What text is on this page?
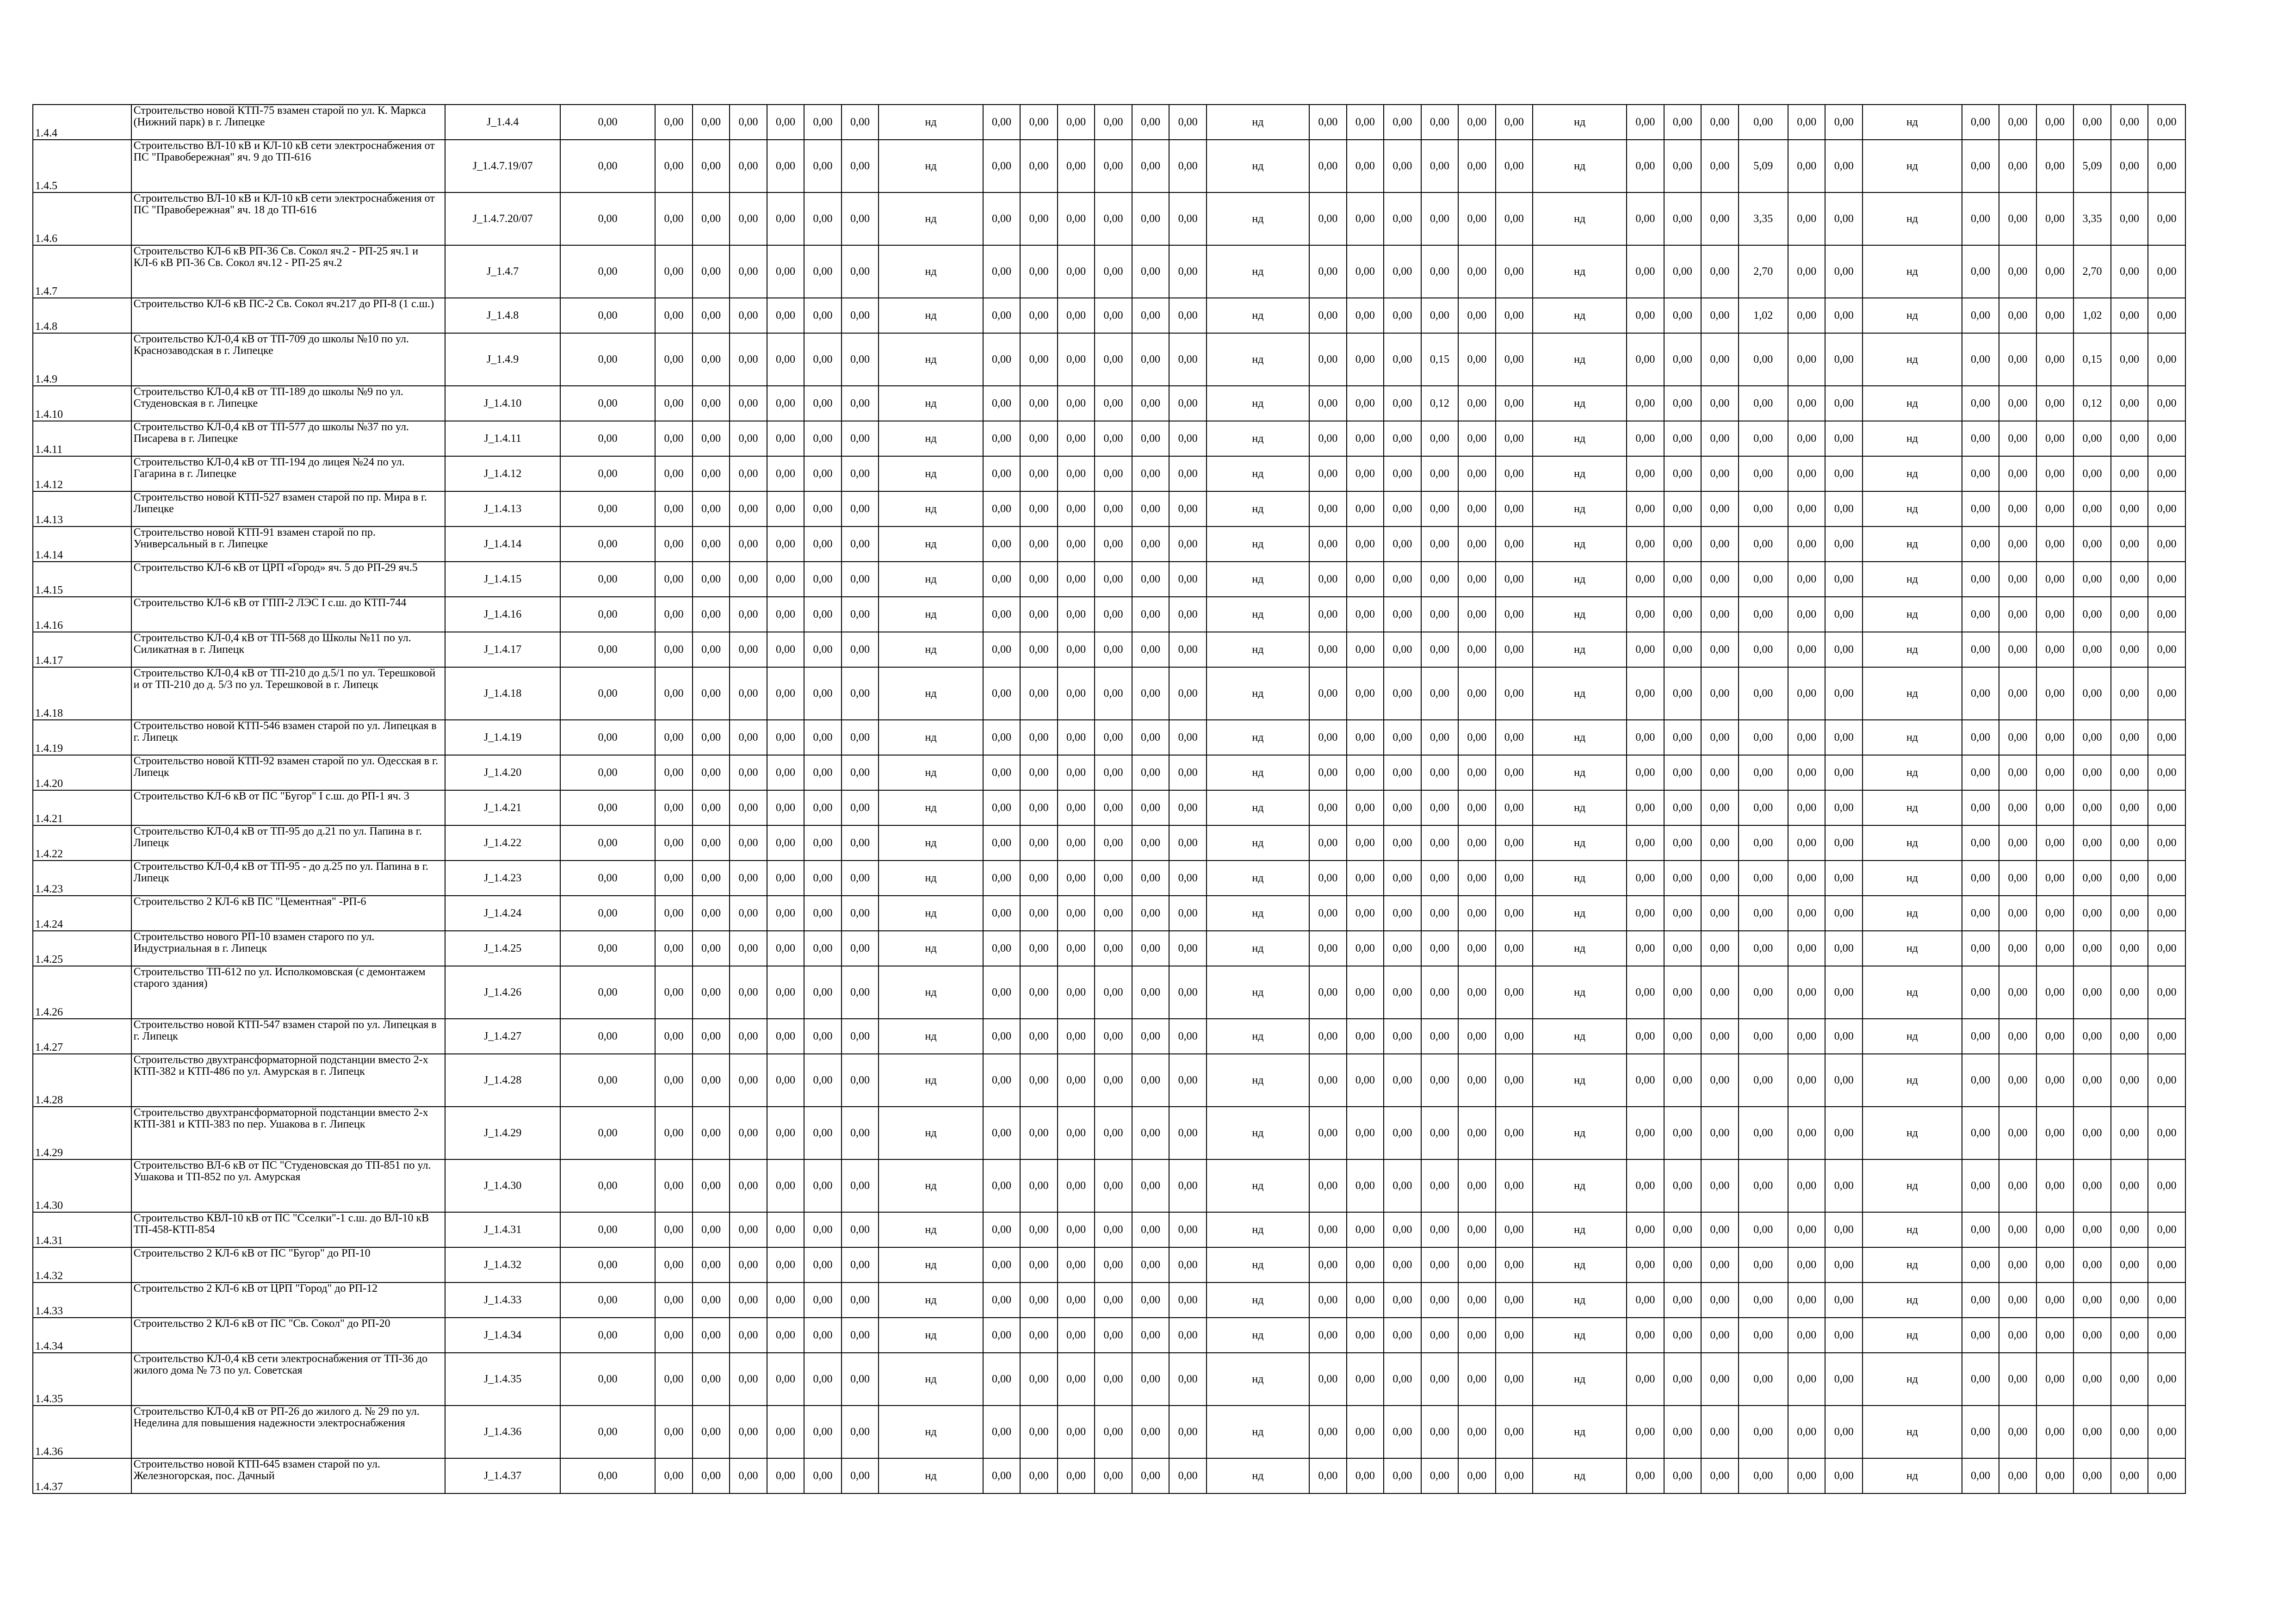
1.4.4	Строительство новой КТП-75 взамен старой по ул. К. Маркса (Нижний парк) в г. Липецке	J_1.4.4	0,00	0,00	0,00	0,00	0,00	0,00	0,00	нд	0,00	0,00	0,00	0,00	0,00	0,00	нд	0,00	0,00	0,00	0,00	0,00	0,00	нд	0,00	0,00	0,00	0,00	0,00	0,00	нд	0,00	0,00	0,00	0,00	0,00	0,00
1.4.5	Строительство ВЛ-10 кВ и КЛ-10 кВ сети электроснабжения от ПС "Правобережная" яч. 9 до ТП-616	J_1.4.7.19/07	0,00	0,00	0,00	0,00	0,00	0,00	0,00	нд	0,00	0,00	0,00	0,00	0,00	0,00	нд	0,00	0,00	0,00	0,00	0,00	0,00	нд	0,00	0,00	0,00	5,09	0,00	0,00	нд	0,00	0,00	0,00	5,09	0,00	0,00
1.4.6	Строительство ВЛ-10 кВ и КЛ-10 кВ сети электроснабжения от ПС "Правобережная" яч. 18 до ТП-616	J_1.4.7.20/07	0,00	0,00	0,00	0,00	0,00	0,00	0,00	нд	0,00	0,00	0,00	0,00	0,00	0,00	нд	0,00	0,00	0,00	0,00	0,00	0,00	нд	0,00	0,00	0,00	3,35	0,00	0,00	нд	0,00	0,00	0,00	3,35	0,00	0,00
1.4.7	Строительство КЛ-6 кВ РП-36 Св. Сокол яч.2 - РП-25 яч.1 и КЛ-6 кВ РП-36 Св. Сокол яч.12 - РП-25 яч.2	J_1.4.7	0,00	0,00	0,00	0,00	0,00	0,00	0,00	нд	0,00	0,00	0,00	0,00	0,00	0,00	нд	0,00	0,00	0,00	0,00	0,00	0,00	нд	0,00	0,00	0,00	2,70	0,00	0,00	нд	0,00	0,00	0,00	2,70	0,00	0,00
1.4.8	Строительство КЛ-6 кВ ПС-2 Св. Сокол яч.217 до РП-8 (1 с.ш.)	J_1.4.8	0,00	0,00	0,00	0,00	0,00	0,00	0,00	нд	0,00	0,00	0,00	0,00	0,00	0,00	нд	0,00	0,00	0,00	0,00	0,00	0,00	нд	0,00	0,00	0,00	1,02	0,00	0,00	нд	0,00	0,00	0,00	1,02	0,00	0,00
1.4.9	Строительство КЛ-0,4 кВ от ТП-709 до школы №10 по ул. Краснозаводская в г. Липецке	J_1.4.9	0,00	0,00	0,00	0,00	0,00	0,00	0,00	нд	0,00	0,00	0,00	0,00	0,00	0,00	нд	0,00	0,00	0,00	0,15	0,00	0,00	нд	0,00	0,00	0,00	0,00	0,00	0,00	нд	0,00	0,00	0,00	0,15	0,00	0,00
1.4.10	Строительство КЛ-0,4 кВ от ТП-189 до школы №9 по ул. Студеновская в г. Липецке	J_1.4.10	0,00	0,00	0,00	0,00	0,00	0,00	0,00	нд	0,00	0,00	0,00	0,00	0,00	0,00	нд	0,00	0,00	0,00	0,12	0,00	0,00	нд	0,00	0,00	0,00	0,00	0,00	0,00	нд	0,00	0,00	0,00	0,12	0,00	0,00
1.4.11	Строительство КЛ-0,4 кВ от ТП-577 до школы №37 по ул. Писарева в г. Липецке	J_1.4.11	0,00	0,00	0,00	0,00	0,00	0,00	0,00	нд	0,00	0,00	0,00	0,00	0,00	0,00	нд	0,00	0,00	0,00	0,00	0,00	0,00	нд	0,00	0,00	0,00	0,00	0,00	0,00	нд	0,00	0,00	0,00	0,00	0,00	0,00
1.4.12	Строительство КЛ-0,4 кВ от ТП-194 до лицея №24 по ул. Гагарина в г. Липецке	J_1.4.12	0,00	0,00	0,00	0,00	0,00	0,00	0,00	нд	0,00	0,00	0,00	0,00	0,00	0,00	нд	0,00	0,00	0,00	0,00	0,00	0,00	нд	0,00	0,00	0,00	0,00	0,00	0,00	нд	0,00	0,00	0,00	0,00	0,00	0,00
1.4.13	Строительство новой КТП-527 взамен старой по пр. Мира в г. Липецке	J_1.4.13	0,00	0,00	0,00	0,00	0,00	0,00	0,00	нд	0,00	0,00	0,00	0,00	0,00	0,00	нд	0,00	0,00	0,00	0,00	0,00	0,00	нд	0,00	0,00	0,00	0,00	0,00	0,00	нд	0,00	0,00	0,00	0,00	0,00	0,00
1.4.14	Строительство новой КТП-91 взамен старой по пр. Универсальный в г. Липецке	J_1.4.14	0,00	0,00	0,00	0,00	0,00	0,00	0,00	нд	0,00	0,00	0,00	0,00	0,00	0,00	нд	0,00	0,00	0,00	0,00	0,00	0,00	нд	0,00	0,00	0,00	0,00	0,00	0,00	нд	0,00	0,00	0,00	0,00	0,00	0,00
1.4.15	Строительство КЛ-6 кВ от ЦРП «Город» яч. 5 до РП-29 яч.5	J_1.4.15	0,00	0,00	0,00	0,00	0,00	0,00	0,00	нд	0,00	0,00	0,00	0,00	0,00	0,00	нд	0,00	0,00	0,00	0,00	0,00	0,00	нд	0,00	0,00	0,00	0,00	0,00	0,00	нд	0,00	0,00	0,00	0,00	0,00	0,00
1.4.16	Строительство КЛ-6 кВ от ГПП-2 ЛЭС I с.ш. до КТП-744	J_1.4.16	0,00	0,00	0,00	0,00	0,00	0,00	0,00	нд	0,00	0,00	0,00	0,00	0,00	0,00	нд	0,00	0,00	0,00	0,00	0,00	0,00	нд	0,00	0,00	0,00	0,00	0,00	0,00	нд	0,00	0,00	0,00	0,00	0,00	0,00
1.4.17	Строительство КЛ-0,4 кВ от ТП-568 до Школы №11 по ул. Силикатная в г. Липецк	J_1.4.17	0,00	0,00	0,00	0,00	0,00	0,00	0,00	нд	0,00	0,00	0,00	0,00	0,00	0,00	нд	0,00	0,00	0,00	0,00	0,00	0,00	нд	0,00	0,00	0,00	0,00	0,00	0,00	нд	0,00	0,00	0,00	0,00	0,00	0,00
1.4.18	Строительство КЛ-0,4 кВ от ТП-210 до д.5/1 по ул. Терешковой и от ТП-210 до д. 5/3 по ул. Терешковой в г. Липецк	J_1.4.18	0,00	0,00	0,00	0,00	0,00	0,00	0,00	нд	0,00	0,00	0,00	0,00	0,00	0,00	нд	0,00	0,00	0,00	0,00	0,00	0,00	нд	0,00	0,00	0,00	0,00	0,00	0,00	нд	0,00	0,00	0,00	0,00	0,00	0,00
1.4.19	Строительство новой КТП-546 взамен старой по ул. Липецкая в г. Липецк	J_1.4.19	0,00	0,00	0,00	0,00	0,00	0,00	0,00	нд	0,00	0,00	0,00	0,00	0,00	0,00	нд	0,00	0,00	0,00	0,00	0,00	0,00	нд	0,00	0,00	0,00	0,00	0,00	0,00	нд	0,00	0,00	0,00	0,00	0,00	0,00
1.4.20	Строительство новой КТП-92 взамен старой по ул. Одесская в г. Липецк	J_1.4.20	0,00	0,00	0,00	0,00	0,00	0,00	0,00	нд	0,00	0,00	0,00	0,00	0,00	0,00	нд	0,00	0,00	0,00	0,00	0,00	0,00	нд	0,00	0,00	0,00	0,00	0,00	0,00	нд	0,00	0,00	0,00	0,00	0,00	0,00
1.4.21	Строительство КЛ-6 кВ от ПС "Бугор" I с.ш. до РП-1 яч. 3	J_1.4.21	0,00	0,00	0,00	0,00	0,00	0,00	0,00	нд	0,00	0,00	0,00	0,00	0,00	0,00	нд	0,00	0,00	0,00	0,00	0,00	0,00	нд	0,00	0,00	0,00	0,00	0,00	0,00	нд	0,00	0,00	0,00	0,00	0,00	0,00
1.4.22	Строительство КЛ-0,4 кВ от ТП-95 до д.21 по ул. Папина в г. Липецк	J_1.4.22	0,00	0,00	0,00	0,00	0,00	0,00	0,00	нд	0,00	0,00	0,00	0,00	0,00	0,00	нд	0,00	0,00	0,00	0,00	0,00	0,00	нд	0,00	0,00	0,00	0,00	0,00	0,00	нд	0,00	0,00	0,00	0,00	0,00	0,00
1.4.23	Строительство КЛ-0,4 кВ от ТП-95 - до д.25 по ул. Папина в г. Липецк	J_1.4.23	0,00	0,00	0,00	0,00	0,00	0,00	0,00	нд	0,00	0,00	0,00	0,00	0,00	0,00	нд	0,00	0,00	0,00	0,00	0,00	0,00	нд	0,00	0,00	0,00	0,00	0,00	0,00	нд	0,00	0,00	0,00	0,00	0,00	0,00
1.4.24	Строительство 2 КЛ-6 кВ ПС "Цементная" -РП-6	J_1.4.24	0,00	0,00	0,00	0,00	0,00	0,00	0,00	нд	0,00	0,00	0,00	0,00	0,00	0,00	нд	0,00	0,00	0,00	0,00	0,00	0,00	нд	0,00	0,00	0,00	0,00	0,00	0,00	нд	0,00	0,00	0,00	0,00	0,00	0,00
1.4.25	Строительство нового РП-10 взамен старого по ул. Индустриальная в г. Липецк	J_1.4.25	0,00	0,00	0,00	0,00	0,00	0,00	0,00	нд	0,00	0,00	0,00	0,00	0,00	0,00	нд	0,00	0,00	0,00	0,00	0,00	0,00	нд	0,00	0,00	0,00	0,00	0,00	0,00	нд	0,00	0,00	0,00	0,00	0,00	0,00
1.4.26	Строительство ТП-612 по ул. Исполкомовская (с демонтажем старого здания)	J_1.4.26	0,00	0,00	0,00	0,00	0,00	0,00	0,00	нд	0,00	0,00	0,00	0,00	0,00	0,00	нд	0,00	0,00	0,00	0,00	0,00	0,00	нд	0,00	0,00	0,00	0,00	0,00	0,00	нд	0,00	0,00	0,00	0,00	0,00	0,00
1.4.27	Строительство новой КТП-547 взамен старой по ул. Липецкая в г. Липецк	J_1.4.27	0,00	0,00	0,00	0,00	0,00	0,00	0,00	нд	0,00	0,00	0,00	0,00	0,00	0,00	нд	0,00	0,00	0,00	0,00	0,00	0,00	нд	0,00	0,00	0,00	0,00	0,00	0,00	нд	0,00	0,00	0,00	0,00	0,00	0,00
1.4.28	Строительство двухтрансформаторной подстанции вместо 2-х КТП-382 и КТП-486 по ул. Амурская в г. Липецк	J_1.4.28	0,00	0,00	0,00	0,00	0,00	0,00	0,00	нд	0,00	0,00	0,00	0,00	0,00	0,00	нд	0,00	0,00	0,00	0,00	0,00	0,00	нд	0,00	0,00	0,00	0,00	0,00	0,00	нд	0,00	0,00	0,00	0,00	0,00	0,00
1.4.29	Строительство двухтрансформаторной подстанции вместо 2-х КТП-381 и КТП-383 по пер. Ушакова в г. Липецк	J_1.4.29	0,00	0,00	0,00	0,00	0,00	0,00	0,00	нд	0,00	0,00	0,00	0,00	0,00	0,00	нд	0,00	0,00	0,00	0,00	0,00	0,00	нд	0,00	0,00	0,00	0,00	0,00	0,00	нд	0,00	0,00	0,00	0,00	0,00	0,00
1.4.30	Строительство ВЛ-6 кВ от ПС "Студеновская до ТП-851 по ул. Ушакова и ТП-852 по ул. Амурская	J_1.4.30	0,00	0,00	0,00	0,00	0,00	0,00	0,00	нд	0,00	0,00	0,00	0,00	0,00	0,00	нд	0,00	0,00	0,00	0,00	0,00	0,00	нд	0,00	0,00	0,00	0,00	0,00	0,00	нд	0,00	0,00	0,00	0,00	0,00	0,00
1.4.31	Строительство КВЛ-10 кВ от ПС "Сселки"-1 с.ш. до ВЛ-10 кВ ТП-458-КТП-854	J_1.4.31	0,00	0,00	0,00	0,00	0,00	0,00	0,00	нд	0,00	0,00	0,00	0,00	0,00	0,00	нд	0,00	0,00	0,00	0,00	0,00	0,00	нд	0,00	0,00	0,00	0,00	0,00	0,00	нд	0,00	0,00	0,00	0,00	0,00	0,00
1.4.32	Строительство 2 КЛ-6 кВ от ПС "Бугор" до РП-10	J_1.4.32	0,00	0,00	0,00	0,00	0,00	0,00	0,00	нд	0,00	0,00	0,00	0,00	0,00	0,00	нд	0,00	0,00	0,00	0,00	0,00	0,00	нд	0,00	0,00	0,00	0,00	0,00	0,00	нд	0,00	0,00	0,00	0,00	0,00	0,00
1.4.33	Строительство 2 КЛ-6 кВ от ЦРП "Город" до РП-12	J_1.4.33	0,00	0,00	0,00	0,00	0,00	0,00	0,00	нд	0,00	0,00	0,00	0,00	0,00	0,00	нд	0,00	0,00	0,00	0,00	0,00	0,00	нд	0,00	0,00	0,00	0,00	0,00	0,00	нд	0,00	0,00	0,00	0,00	0,00	0,00
1.4.34	Строительство 2 КЛ-6 кВ от ПС "Св. Сокол" до РП-20	J_1.4.34	0,00	0,00	0,00	0,00	0,00	0,00	0,00	нд	0,00	0,00	0,00	0,00	0,00	0,00	нд	0,00	0,00	0,00	0,00	0,00	0,00	нд	0,00	0,00	0,00	0,00	0,00	0,00	нд	0,00	0,00	0,00	0,00	0,00	0,00
1.4.35	Строительство КЛ-0,4 кВ сети электроснабжения от ТП-36 до жилого дома № 73 по ул. Советская	J_1.4.35	0,00	0,00	0,00	0,00	0,00	0,00	0,00	нд	0,00	0,00	0,00	0,00	0,00	0,00	нд	0,00	0,00	0,00	0,00	0,00	0,00	нд	0,00	0,00	0,00	0,00	0,00	0,00	нд	0,00	0,00	0,00	0,00	0,00	0,00
1.4.36	Строительство КЛ-0,4 кВ от РП-26 до жилого д. № 29 по ул. Неделина для повышения надежности электроснабжения	J_1.4.36	0,00	0,00	0,00	0,00	0,00	0,00	0,00	нд	0,00	0,00	0,00	0,00	0,00	0,00	нд	0,00	0,00	0,00	0,00	0,00	0,00	нд	0,00	0,00	0,00	0,00	0,00	0,00	нд	0,00	0,00	0,00	0,00	0,00	0,00
1.4.37	Строительство новой КТП-645 взамен старой по ул. Железногорская, пос. Дачный	J_1.4.37	0,00	0,00	0,00	0,00	0,00	0,00	0,00	нд	0,00	0,00	0,00	0,00	0,00	0,00	нд	0,00	0,00	0,00	0,00	0,00	0,00	нд	0,00	0,00	0,00	0,00	0,00	0,00	нд	0,00	0,00	0,00	0,00	0,00	0,00
